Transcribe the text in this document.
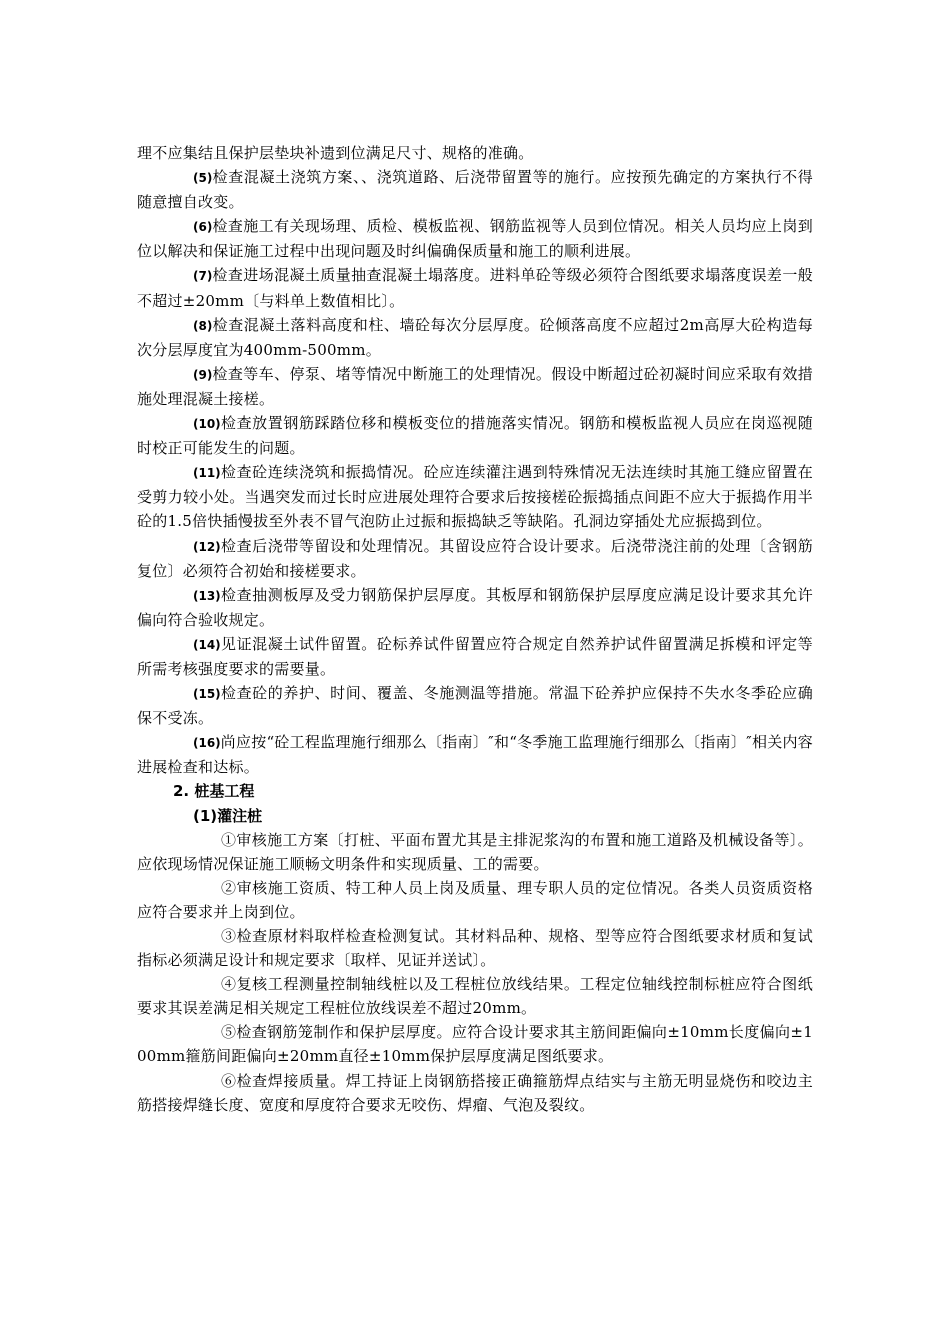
理不应集结且保护层垫块补遗到位满足尺寸、规格的准确。

(5)检查混凝土浇筑方案、、浇筑道路、后浇带留置等的施行。应按预先确定的方案执行不得随意擅自改变。

(6)检查施工有关现场理、质检、模板监视、钢筋监视等人员到位情况。相关人员均应上岗到位以解决和保证施工过程中出现问题及时纠偏确保质量和施工的顺利进展。

(7)检查进场混凝土质量抽查混凝土塌落度。进料单砼等级必须符合图纸要求塌落度误差一般不超过±20mm〔与料单上数值相比〕。

(8)检查混凝土落料高度和柱、墙砼每次分层厚度。砼倾落高度不应超过2m高厚大砼构造每次分层厚度宜为400mm-500mm。

(9)检查等车、停泵、堵等情况中断施工的处理情况。假设中断超过砼初凝时间应采取有效措施处理混凝土接槎。

(10)检查放置钢筋踩踏位移和模板变位的措施落实情况。钢筋和模板监视人员应在岗巡视随时校正可能发生的问题。

(11)检查砼连续浇筑和振捣情况。砼应连续灌注遇到特殊情况无法连续时其施工缝应留置在受剪力较小处。当遇突发而过长时应进展处理符合要求后按接槎砼振捣插点间距不应大于振捣作用半砼的1.5倍快插慢拔至外表不冒气泡防止过振和振捣缺乏等缺陷。孔洞边穿插处尤应振捣到位。

(12)检查后浇带等留设和处理情况。其留设应符合设计要求。后浇带浇注前的处理〔含钢筋复位〕必须符合初始和接槎要求。

(13)检查抽测板厚及受力钢筋保护层厚度。其板厚和钢筋保护层厚度应满足设计要求其允许偏向符合验收规定。

(14)见证混凝土试件留置。砼标养试件留置应符合规定自然养护试件留置满足拆模和评定等所需考核强度要求的需要量。

(15)检查砼的养护、时间、覆盖、冬施测温等措施。常温下砼养护应保持不失水冬季砼应确保不受冻。

(16)尚应按“砼工程监理施行细那么〔指南〕″和“冬季施工监理施行细那么〔指南〕″相关内容进展检查和达标。

2. 桩基工程

(1)灌注桩

①审核施工方案〔打桩、平面布置尤其是主排泥浆沟的布置和施工道路及机械设备等〕。应依现场情况保证施工顺畅文明条件和实现质量、工的需要。

②审核施工资质、特工种人员上岗及质量、理专职人员的定位情况。各类人员资质资格应符合要求并上岗到位。

③检查原材料取样检查检测复试。其材料品种、规格、型等应符合图纸要求材质和复试指标必须满足设计和规定要求〔取样、见证并送试〕。

④复核工程测量控制轴线桩以及工程桩位放线结果。工程定位轴线控制标桩应符合图纸要求其误差满足相关规定工程桩位放线误差不超过20mm。

⑤检查钢筋笼制作和保护层厚度。应符合设计要求其主筋间距偏向±10mm长度偏向±100mm箍筋间距偏向±20mm直径±10mm保护层厚度满足图纸要求。

⑥检查焊接质量。焊工持证上岗钢筋搭接正确箍筋焊点结实与主筋无明显烧伤和咬边主筋搭接焊缝长度、宽度和厚度符合要求无咬伤、焊瘤、气泡及裂纹。
